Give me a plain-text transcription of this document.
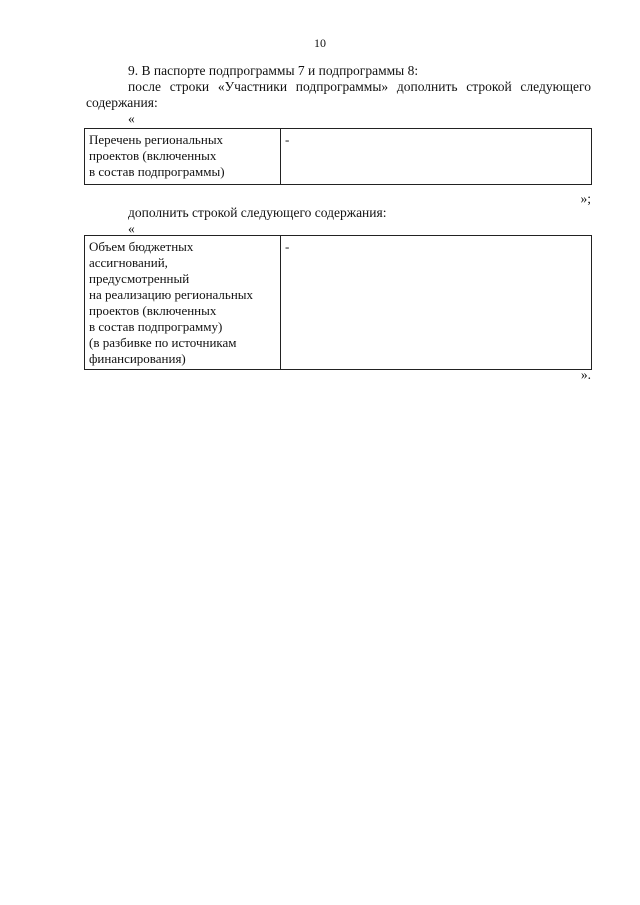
10
9. В паспорте подпрограммы 7 и подпрограммы 8:
после строки «Участники подпрограммы» дополнить строкой следующего
содержания:
«
Перечень региональных
проектов (включенных
в состав подпрограммы)	-
»;
дополнить строкой следующего содержания:
«
Объем бюджетных
ассигнований,
предусмотренный
на реализацию региональных
проектов (включенных
в состав подпрограмму)
(в разбивке по источникам
финансирования)	-
».
